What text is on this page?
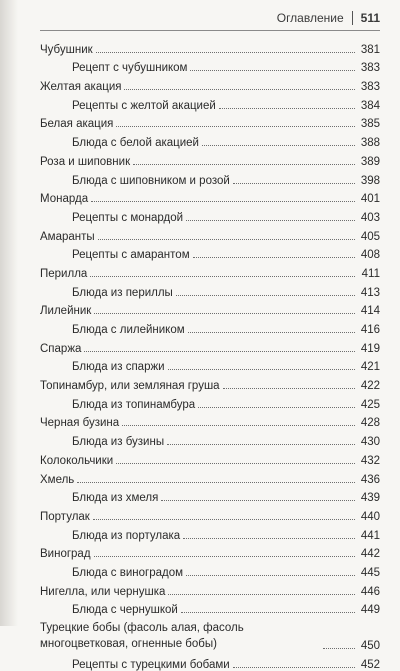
Оглавление 511
Чубушник	381
Рецепт с чубушником	383
Желтая акация	383
Рецепты с желтой акацией	384
Белая акация	385
Блюда с белой акацией	388
Роза и шиповник	389
Блюда с шиповником и розой	398
Монарда	401
Рецепты с монардой	403
Амаранты	405
Рецепты с амарантом	408
Перилла	411
Блюда из периллы	413
Лилейник	414
Блюда с лилейником	416
Спаржа	419
Блюда из спаржи	421
Топинамбур, или земляная груша	422
Блюда из топинамбура	425
Черная бузина	428
Блюда из бузины	430
Колокольчики	432
Хмель	436
Блюда из хмеля	439
Портулак	440
Блюда из портулака	441
Виноград	442
Блюда с виноградом	445
Нигелла, или чернушка	446
Блюда с чернушкой	449
Турецкие бобы (фасоль алая, фасоль многоцветковая, огненные бобы)	450
Рецепты с турецкими бобами	452
